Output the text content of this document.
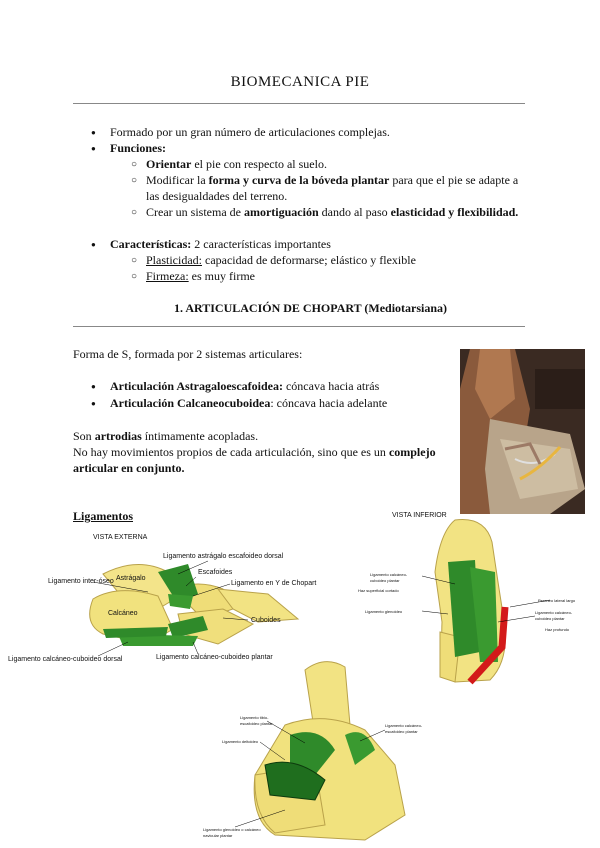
BIOMECANICA PIE
● Formado por un gran número de articulaciones complejas.
● Funciones:
○ Orientar el pie con respecto al suelo.
○ Modificar la forma y curva de la bóveda plantar para que el pie se adapte a
las desigualdades del terreno.
○ Crear un sistema de amortiguación dando al paso elasticidad y flexibilidad.
● Características: 2 características importantes
○ Plasticidad: capacidad de deformarse; elástico y flexible
○ Firmeza: es muy firme
1. ARTICULACIÓN DE CHOPART (Mediotarsiana)
Forma de S, formada por 2 sistemas articulares:
● Articulación Astragaloescafoidea: cóncava hacia atrás
● Articulación Calcaneocuboidea: cóncava hacia adelante
Son artrodias íntimamente acopladas.
No hay movimientos propios de cada articulación, sino que es un complejo
articular en conjunto.
Ligamentos
VISTA EXTERNA
Ligamento astrágalo escafoideo dorsal
Escafoides
Ligamento en Y de Chopart
Ligamento inter-óseo Astrágalo
Calcáneo
Cuboides
Ligamento calcáneo-cuboideo dorsal	Ligamento calcáneo-cuboideo plantar
VISTA INFERIOR
Ligamento calcáneo-
cuboideo plantar
Haz superficial cortado
Ligamento glenoideo
Peroneo lateral largo
Ligamento calcáneo-
cuboideo plantar
Haz profundo
Ligamento tibio-
escafoideo plantar
Ligamento deltoideo
Ligamento calcáneo-
escafoideo plantar
Ligamento glenoideo o calcáneo
navicular plantar
